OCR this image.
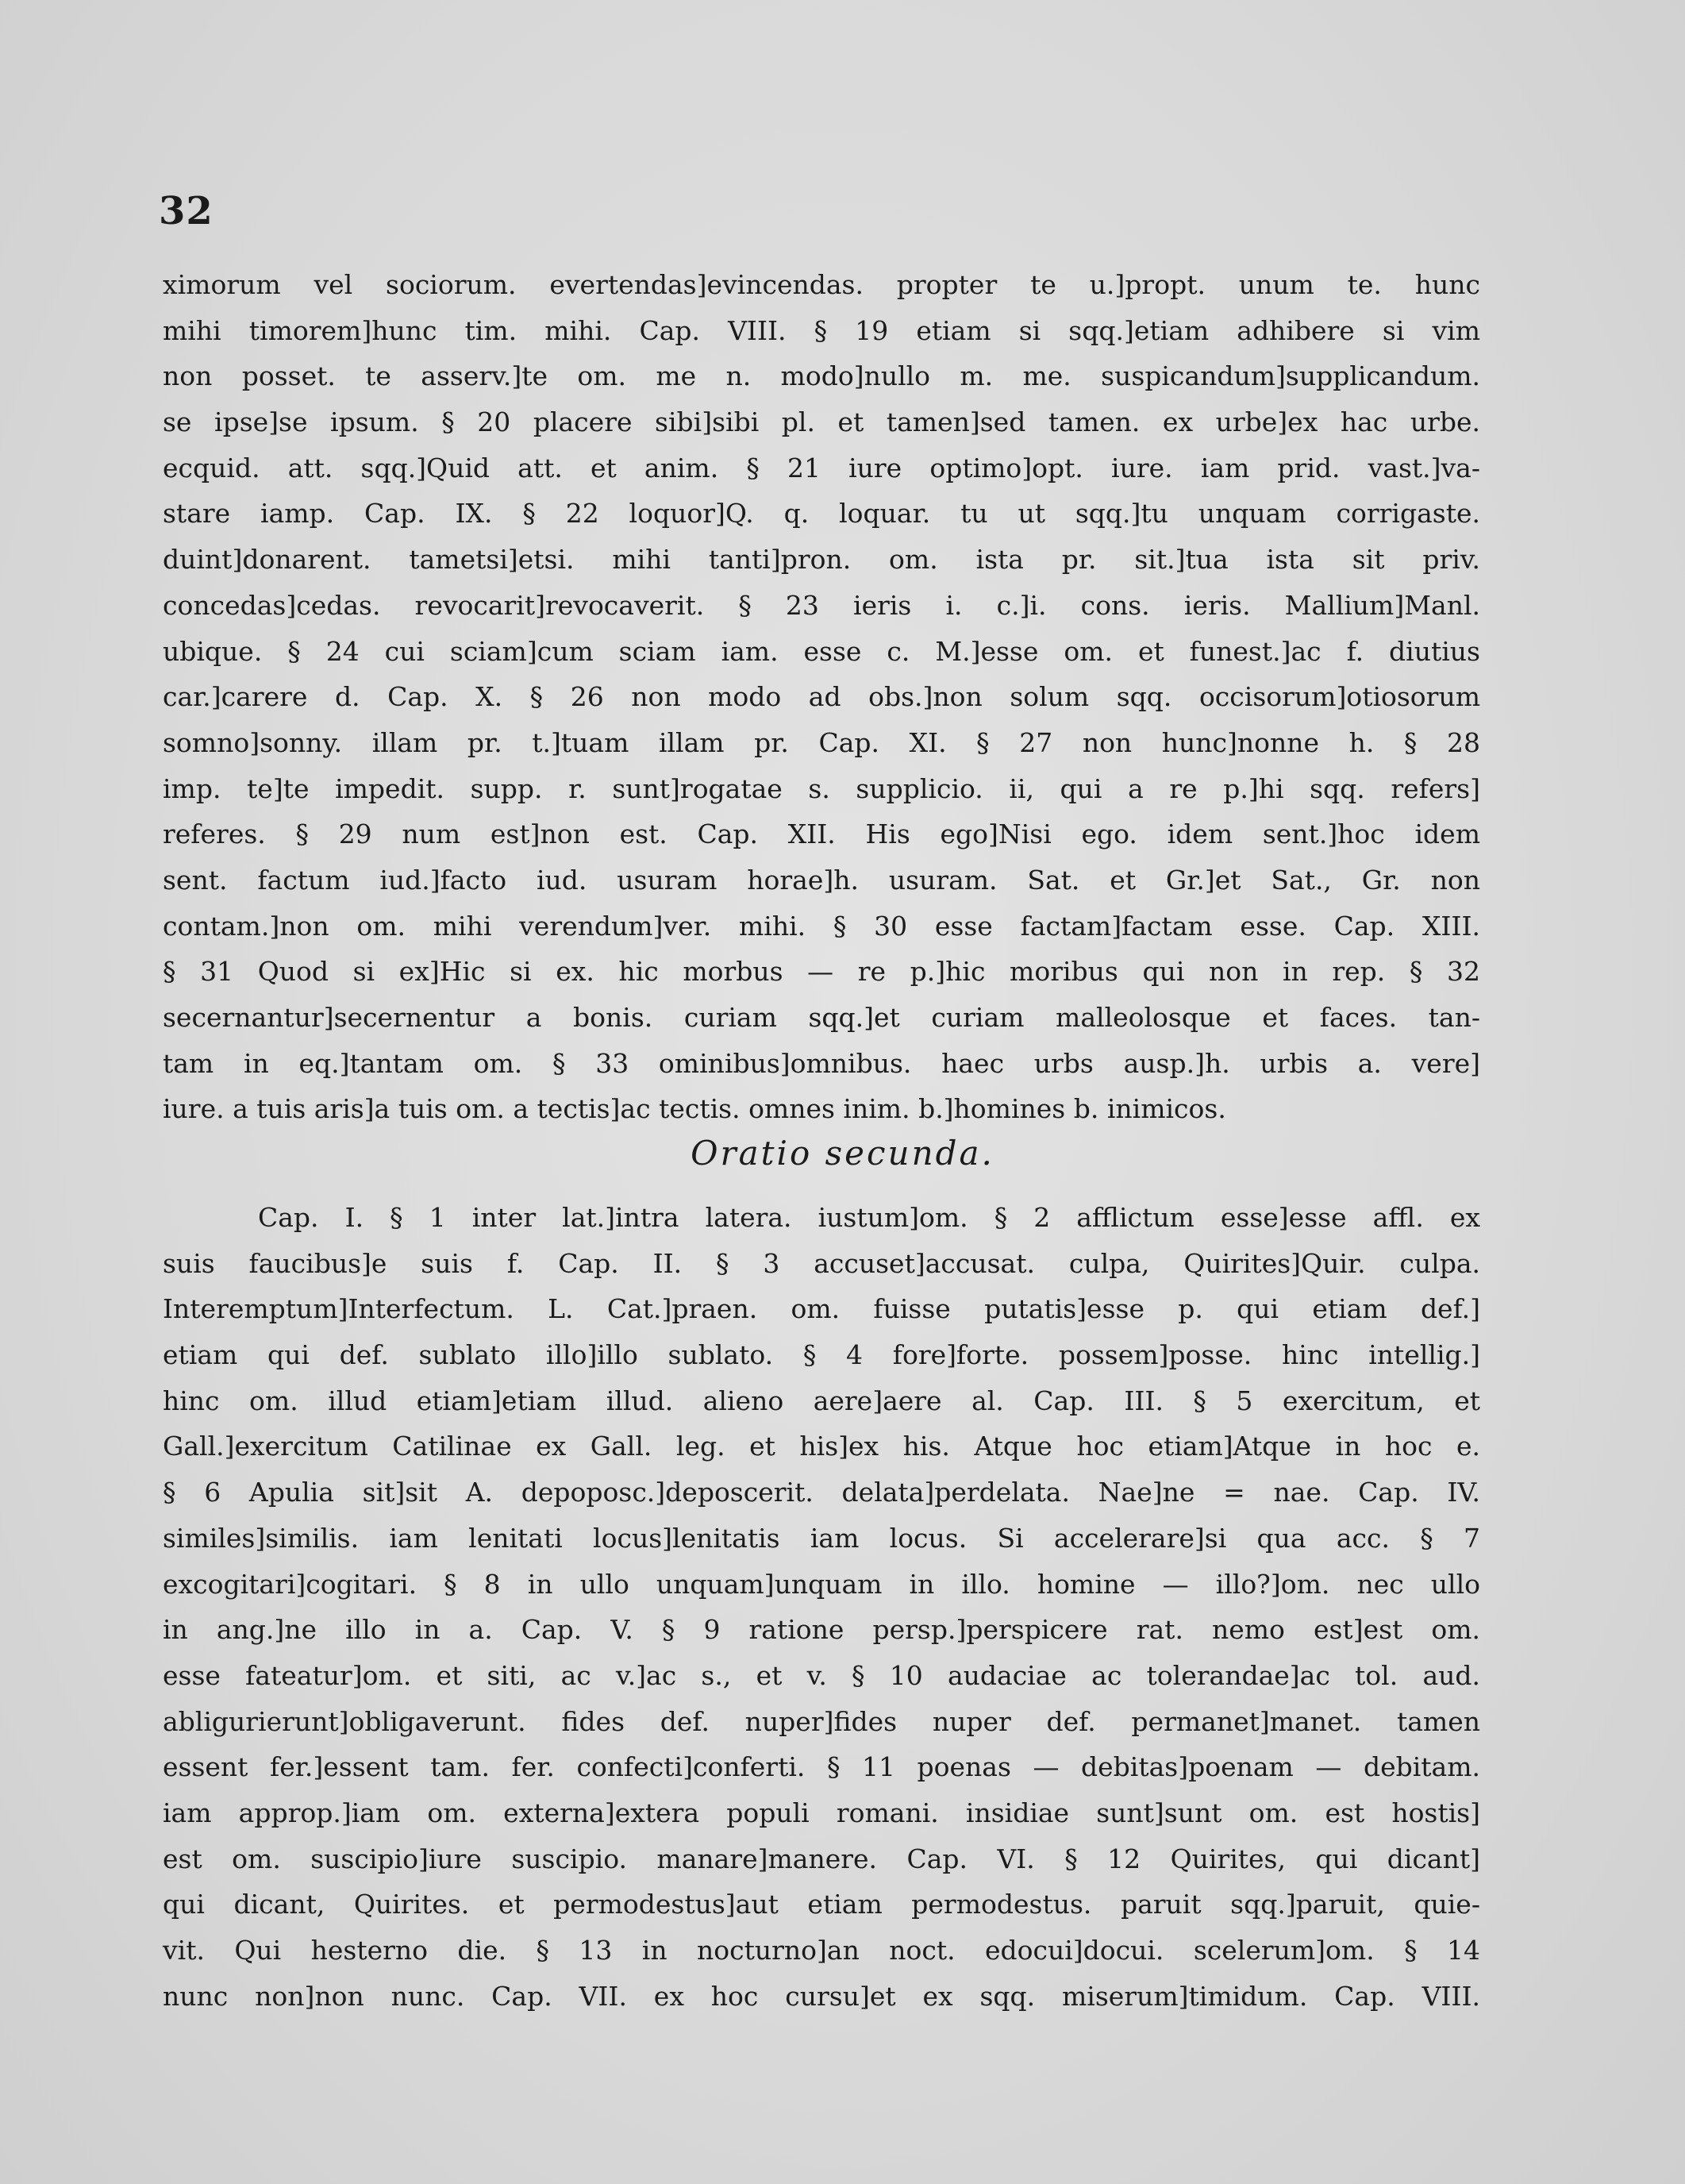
32
ximorum vel sociorum. evertendas]evincendas. propter te u.]propt. unum te. hunc
mihi timorem]hunc tim. mihi. Cap. VIII. § 19 etiam si sqq.]etiam adhibere si vim
non posset. te asserv.]te om. me n. modo]nullo m. me. suspicandum]supplicandum.
se ipse]se ipsum. § 20 placere sibi]sibi pl. et tamen]sed tamen. ex urbe]ex hac urbe.
ecquid. att. sqq.]Quid att. et anim. § 21 iure optimo]opt. iure. iam prid. vast.]va-
stare iamp. Cap. IX. § 22 loquor]Q. q. loquar. tu ut sqq.]tu unquam corrigaste.
duint]donarent. tametsi]etsi. mihi tanti]pron. om. ista pr. sit.]tua ista sit priv.
concedas]cedas. revocarit]revocaverit. § 23 ieris i. c.]i. cons. ieris. Mallium]Manl.
ubique. § 24 cui sciam]cum sciam iam. esse c. M.]esse om. et funest.]ac f. diutius
car.]carere d. Cap. X. § 26 non modo ad obs.]non solum sqq. occisorum]otiosorum
somno]sonny. illam pr. t.]tuam illam pr. Cap. XI. § 27 non hunc]nonne h. § 28
imp. te]te impedit. supp. r. sunt]rogatae s. supplicio. ii, qui a re p.]hi sqq. refers]
referes. § 29 num est]non est. Cap. XII. His ego]Nisi ego. idem sent.]hoc idem
sent. factum iud.]facto iud. usuram horae]h. usuram. Sat. et Gr.]et Sat., Gr. non
contam.]non om. mihi verendum]ver. mihi. § 30 esse factam]factam esse. Cap. XIII.
§ 31 Quod si ex]Hic si ex. hic morbus — re p.]hic moribus qui non in rep. § 32
secernantur]secernentur a bonis. curiam sqq.]et curiam malleolosque et faces. tan-
tam in eq.]tantam om. § 33 ominibus]omnibus. haec urbs ausp.]h. urbis a. vere]
iure. a tuis aris]a tuis om. a tectis]ac tectis. omnes inim. b.]homines b. inimicos.
Oratio secunda.
Cap. I. § 1 inter lat.]intra latera. iustum]om. § 2 afflictum esse]esse affl. ex
suis faucibus]e suis f. Cap. II. § 3 accuset]accusat. culpa, Quirites]Quir. culpa.
Interemptum]Interfectum. L. Cat.]praen. om. fuisse putatis]esse p. qui etiam def.]
etiam qui def. sublato illo]illo sublato. § 4 fore]forte. possem]posse. hinc intellig.]
hinc om. illud etiam]etiam illud. alieno aere]aere al. Cap. III. § 5 exercitum, et
Gall.]exercitum Catilinae ex Gall. leg. et his]ex his. Atque hoc etiam]Atque in hoc e.
§ 6 Apulia sit]sit A. depoposc.]deposcerit. delata]perdelata. Nae]ne = nae. Cap. IV.
similes]similis. iam lenitati locus]lenitatis iam locus. Si accelerare]si qua acc. § 7
excogitari]cogitari. § 8 in ullo unquam]unquam in illo. homine — illo?]om. nec ullo
in ang.]ne illo in a. Cap. V. § 9 ratione persp.]perspicere rat. nemo est]est om.
esse fateatur]om. et siti, ac v.]ac s., et v. § 10 audaciae ac tolerandae]ac tol. aud.
abligurierunt]obligaverunt. fides def. nuper]fides nuper def. permanet]manet. tamen
essent fer.]essent tam. fer. confecti]conferti. § 11 poenas — debitas]poenam — debitam.
iam approp.]iam om. externa]extera populi romani. insidiae sunt]sunt om. est hostis]
est om. suscipio]iure suscipio. manare]manere. Cap. VI. § 12 Quirites, qui dicant]
qui dicant, Quirites. et permodestus]aut etiam permodestus. paruit sqq.]paruit, quie-
vit. Qui hesterno die. § 13 in nocturno]an noct. edocui]docui. scelerum]om. § 14
nunc non]non nunc. Cap. VII. ex hoc cursu]et ex sqq. miserum]timidum. Cap. VIII.
